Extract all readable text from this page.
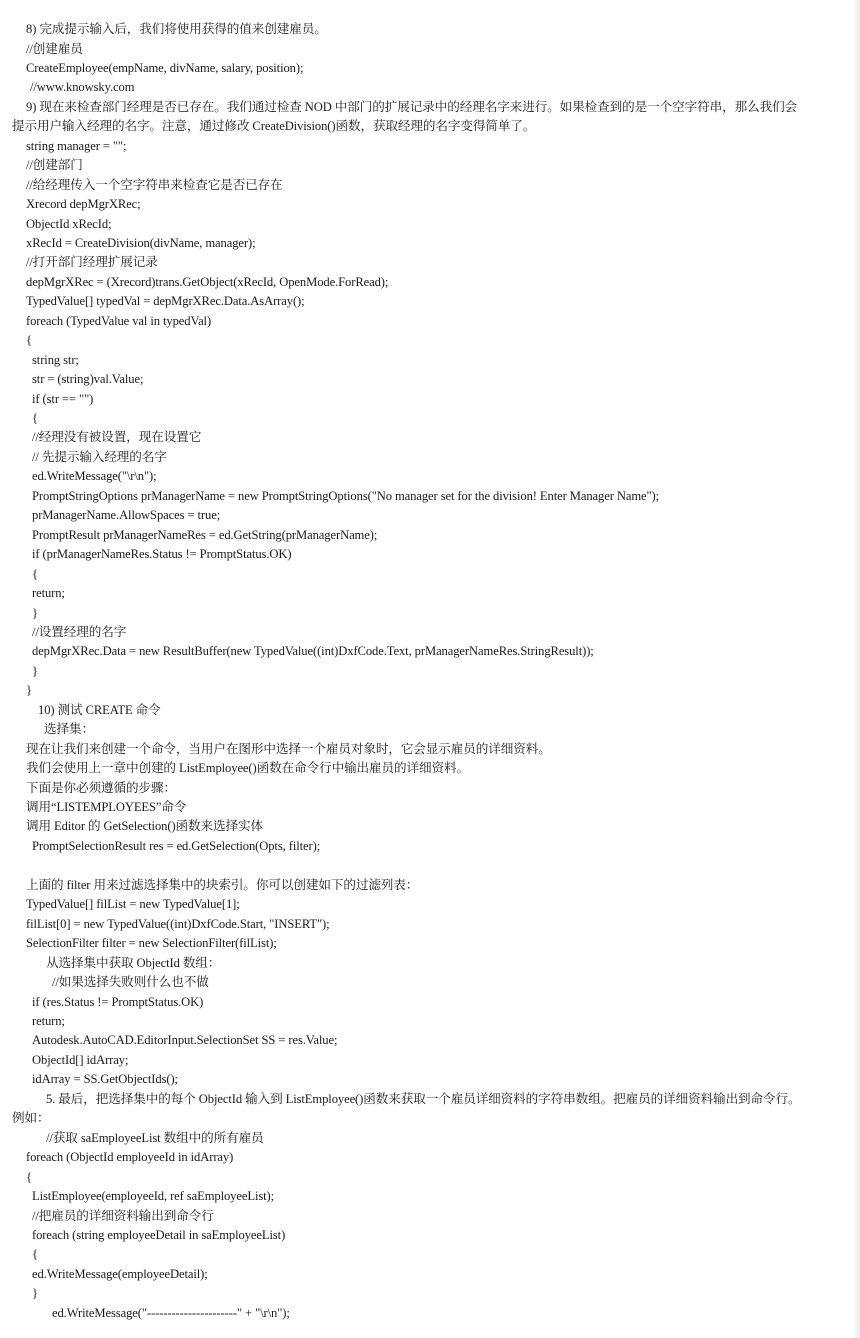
8) 完成提示输入后，我们将使用获得的值来创建雇员。
//创建雇员
CreateEmployee(empName, divName, salary, position);
//www.knowsky.com
9) 现在来检查部门经理是否已存在。我们通过检查 NOD 中部门的扩展记录中的经理名字来进行。如果检查到的是一个空字符串，那么我们会
提示用户输入经理的名字。注意，通过修改 CreateDivision()函数，获取经理的名字变得简单了。
string manager = "";
//创建部门
//给经理传入一个空字符串来检查它是否已存在
Xrecord depMgrXRec;
ObjectId xRecId;
xRecId = CreateDivision(divName, manager);
//打开部门经理扩展记录
depMgrXRec = (Xrecord)trans.GetObject(xRecId, OpenMode.ForRead);
TypedValue[] typedVal = depMgrXRec.Data.AsArray();
foreach (TypedValue val in typedVal)
{
string str;
str = (string)val.Value;
if (str == "")
{
//经理没有被设置，现在设置它
// 先提示输入经理的名字
ed.WriteMessage("\r\n");
PromptStringOptions prManagerName = new PromptStringOptions("No manager set for the division! Enter Manager Name");
prManagerName.AllowSpaces = true;
PromptResult prManagerNameRes = ed.GetString(prManagerName);
if (prManagerNameRes.Status != PromptStatus.OK)
{
return;
}
//设置经理的名字
depMgrXRec.Data = new ResultBuffer(new TypedValue((int)DxfCode.Text, prManagerNameRes.StringResult));
}
}
10) 测试 CREATE 命令
选择集：
现在让我们来创建一个命令，当用户在图形中选择一个雇员对象时，它会显示雇员的详细资料。
我们会使用上一章中创建的 ListEmployee()函数在命令行中输出雇员的详细资料。
下面是你必须遵循的步骤：
调用“LISTEMPLOYEES”命令
调用 Editor 的 GetSelection()函数来选择实体
PromptSelectionResult res = ed.GetSelection(Opts, filter);
上面的 filter 用来过滤选择集中的块索引。你可以创建如下的过滤列表：
TypedValue[] filList = new TypedValue[1];
filList[0] = new TypedValue((int)DxfCode.Start, "INSERT");
SelectionFilter filter = new SelectionFilter(filList);
从选择集中获取 ObjectId 数组：
//如果选择失败则什么也不做
if (res.Status != PromptStatus.OK)
return;
Autodesk.AutoCAD.EditorInput.SelectionSet SS = res.Value;
ObjectId[] idArray;
idArray = SS.GetObjectIds();
5. 最后，把选择集中的每个 ObjectId 输入到 ListEmployee()函数来获取一个雇员详细资料的字符串数组。把雇员的详细资料输出到命令行。
例如：
//获取 saEmployeeList 数组中的所有雇员
foreach (ObjectId employeeId in idArray)
{
ListEmployee(employeeId, ref saEmployeeList);
//把雇员的详细资料输出到命令行
foreach (string employeeDetail in saEmployeeList)
{
ed.WriteMessage(employeeDetail);
}
ed.WriteMessage("----------------------" + "\r\n");
